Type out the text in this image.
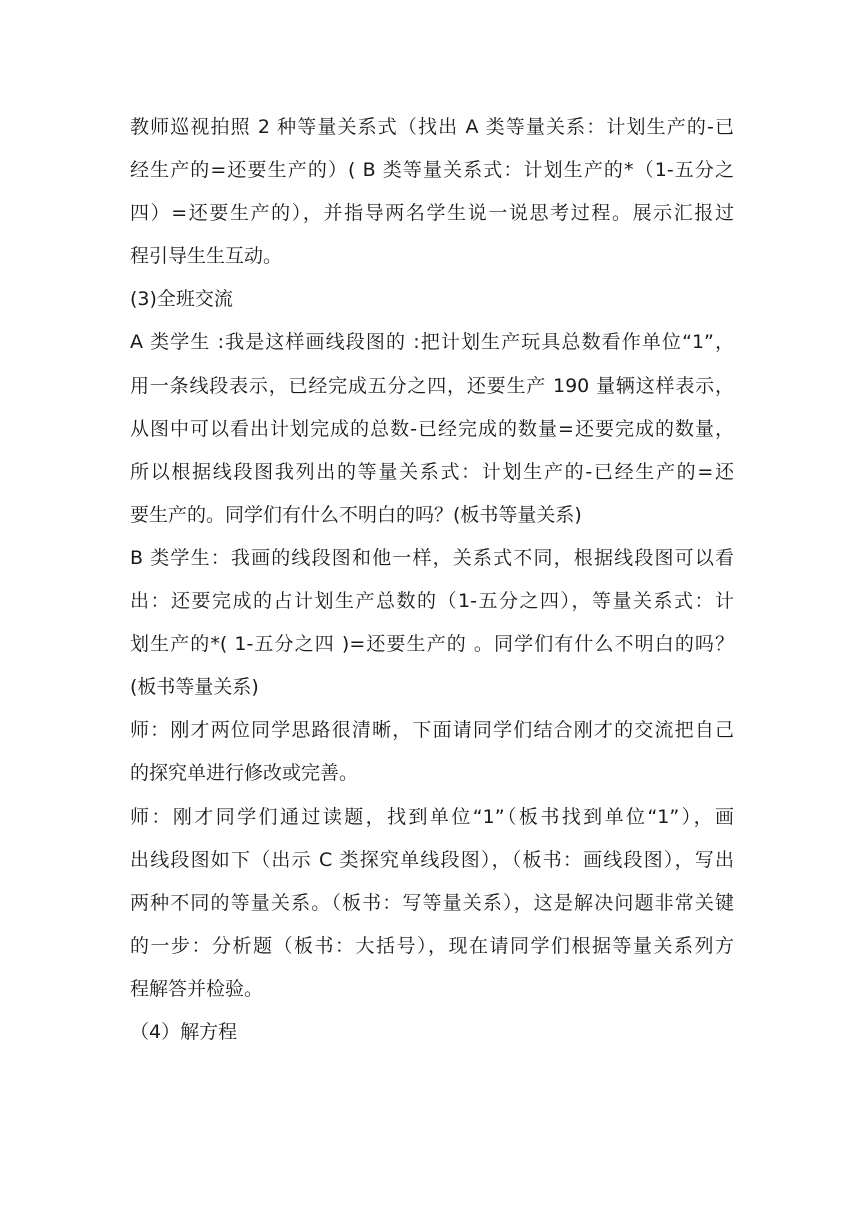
教师巡视拍照 2 种等量关系式（找出 A 类等量关系：计划生产的-已
经生产的=还要生产的）( B 类等量关系式：计划生产的*（1-五分之
四）=还要生产的），并指导两名学生说一说思考过程。展示汇报过
程引导生生互动。
(3)全班交流
A 类学生 :我是这样画线段图的 :把计划生产玩具总数看作单位“1”，
用一条线段表示，已经完成五分之四，还要生产 190 量辆这样表示，
从图中可以看出计划完成的总数-已经完成的数量=还要完成的数量，
所以根据线段图我列出的等量关系式：计划生产的-已经生产的=还
要生产的。同学们有什么不明白的吗？(板书等量关系)
B 类学生：我画的线段图和他一样，关系式不同，根据线段图可以看
出：还要完成的占计划生产总数的（1-五分之四），等量关系式：计
划生产的*( 1-五分之四 )=还要生产的 。同学们有什么不明白的吗？
(板书等量关系)
师：刚才两位同学思路很清晰，下面请同学们结合刚才的交流把自己
的探究单进行修改或完善。
师：刚才同学们通过读题，找到单位“1”（板书找到单位“1”），画
出线段图如下（出示 C 类探究单线段图），（板书：画线段图），写出
两种不同的等量关系。（板书：写等量关系），这是解决问题非常关键
的一步：分析题（板书：大括号），现在请同学们根据等量关系列方
程解答并检验。
（4）解方程
